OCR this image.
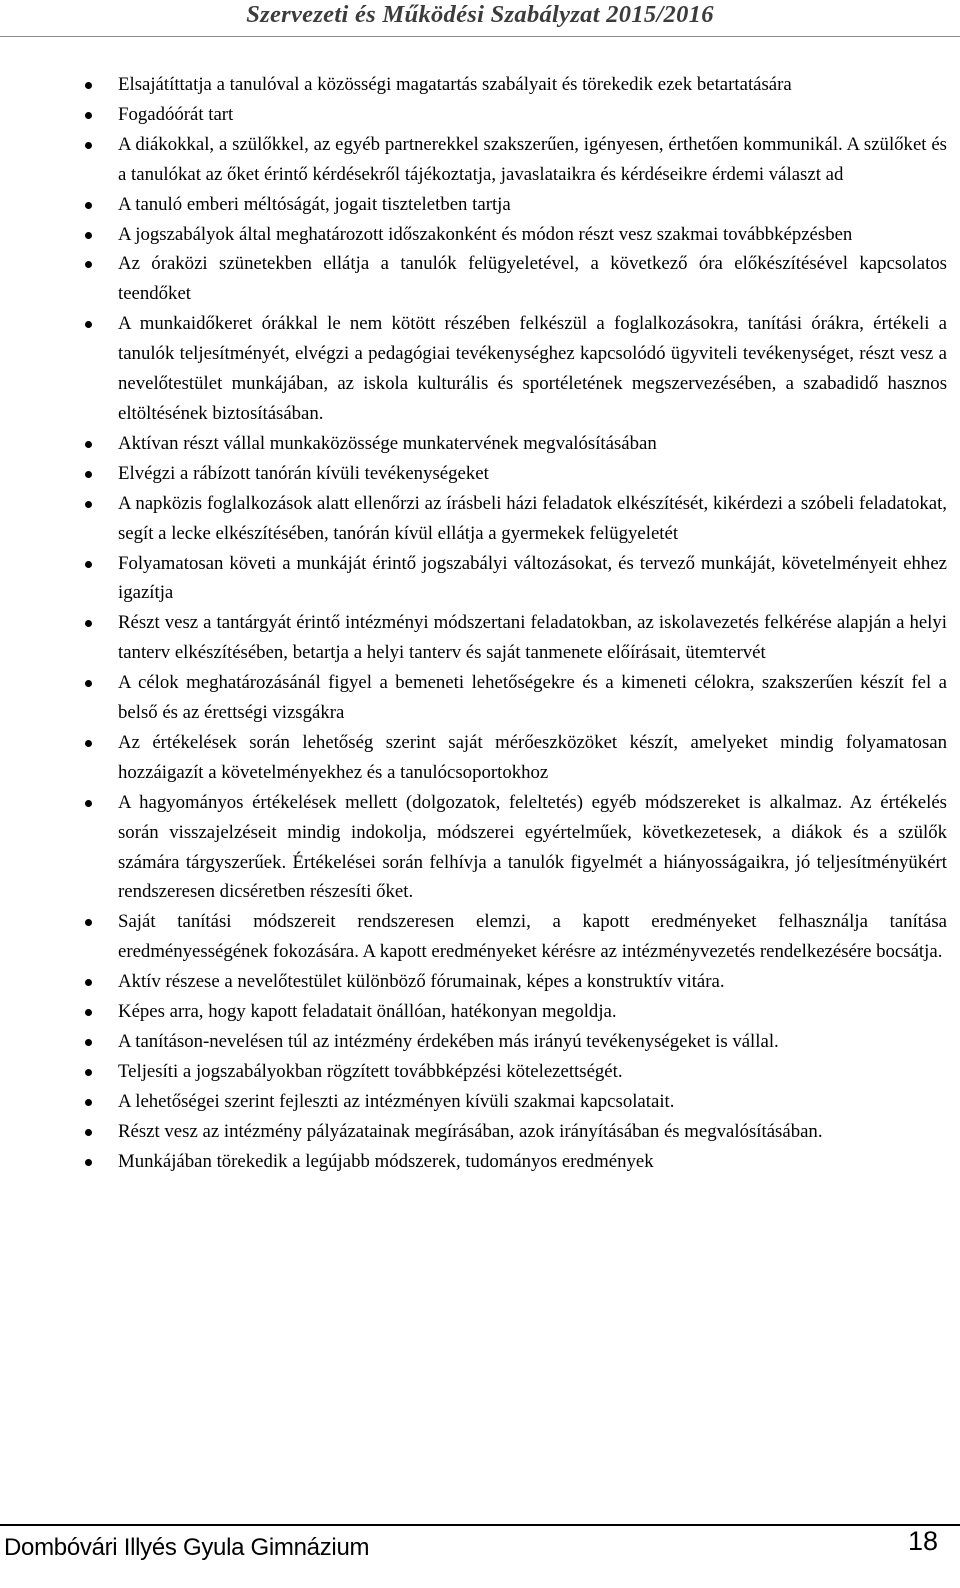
Szervezeti és Működési Szabályzat 2015/2016
Elsajátíttatja a tanulóval a közösségi magatartás szabályait és törekedik ezek betartatására
Fogadóórát tart
A diákokkal, a szülőkkel, az egyéb partnerekkel szakszerűen, igényesen, érthetően kommunikál. A szülőket és a tanulókat az őket érintő kérdésekről tájékoztatja, javaslataikra és kérdéseikre érdemi választ ad
A tanuló emberi méltóságát, jogait tiszteletben tartja
A jogszabályok által meghatározott időszakonként és módon részt vesz szakmai továbbképzésben
Az óraközi szünetekben ellátja a tanulók felügyeletével, a következő óra előkészítésével kapcsolatos teendőket
A munkaidőkeret órákkal le nem kötött részében felkészül a foglalkozásokra, tanítási órákra, értékeli a tanulók teljesítményét, elvégzi a pedagógiai tevékenységhez kapcsolódó ügyviteli tevékenységet, részt vesz a nevelőtestület munkájában, az iskola kulturális és sportéletének megszervezésében, a szabadidő hasznos eltöltésének biztosításában.
Aktívan részt vállal munkaközössége munkatervének megvalósításában
Elvégzi a rábízott tanórán kívüli tevékenységeket
A napközis foglalkozások alatt ellenőrzi az írásbeli házi feladatok elkészítését, kikérdezi a szóbeli feladatokat, segít a lecke elkészítésében, tanórán kívül ellátja a gyermekek felügyeletét
Folyamatosan követi a munkáját érintő jogszabályi változásokat, és tervező munkáját, követelményeit ehhez igazítja
Részt vesz a tantárgyát érintő intézményi módszertani feladatokban, az iskolavezetés felkérése alapján a helyi tanterv elkészítésében, betartja a helyi tanterv és saját tanmenete előírásait, ütemtervét
A célok meghatározásánál figyel a bemeneti lehetőségekre és a kimeneti célokra, szakszerűen készít fel a belső és az érettségi vizsgákra
Az értékelések során lehetőség szerint saját mérőeszközöket készít, amelyeket mindig folyamatosan hozzáigazít a követelményekhez és a tanulócsoportokhoz
A hagyományos értékelések mellett (dolgozatok, feleltetés) egyéb módszereket is alkalmaz. Az értékelés során visszajelzéseit mindig indokolja, módszerei egyértelműek, következetesek, a diákok és a szülők számára tárgyszerűek. Értékelései során felhívja a tanulók figyelmét a hiányosságaikra, jó teljesítményükért rendszeresen dicséretben részesíti őket.
Saját tanítási módszereit rendszeresen elemzi, a kapott eredményeket felhasználja tanítása eredményességének fokozására. A kapott eredményeket kérésre az intézményvezetés rendelkezésére bocsátja.
Aktív részese a nevelőtestület különböző fórumainak, képes a konstruktív vitára.
Képes arra, hogy kapott feladatait önállóan, hatékonyan megoldja.
A tanításon-nevelésen túl az intézmény érdekében más irányú tevékenységeket is vállal.
Teljesíti a jogszabályokban rögzített továbbképzési kötelezettségét.
A lehetőségei szerint fejleszti az intézményen kívüli szakmai kapcsolatait.
Részt vesz az intézmény pályázatainak megírásában, azok irányításában és megvalósításában.
Munkájában törekedik a legújabb módszerek, tudományos eredmények

Dombóvári Illyés Gyula Gimnázium	18
